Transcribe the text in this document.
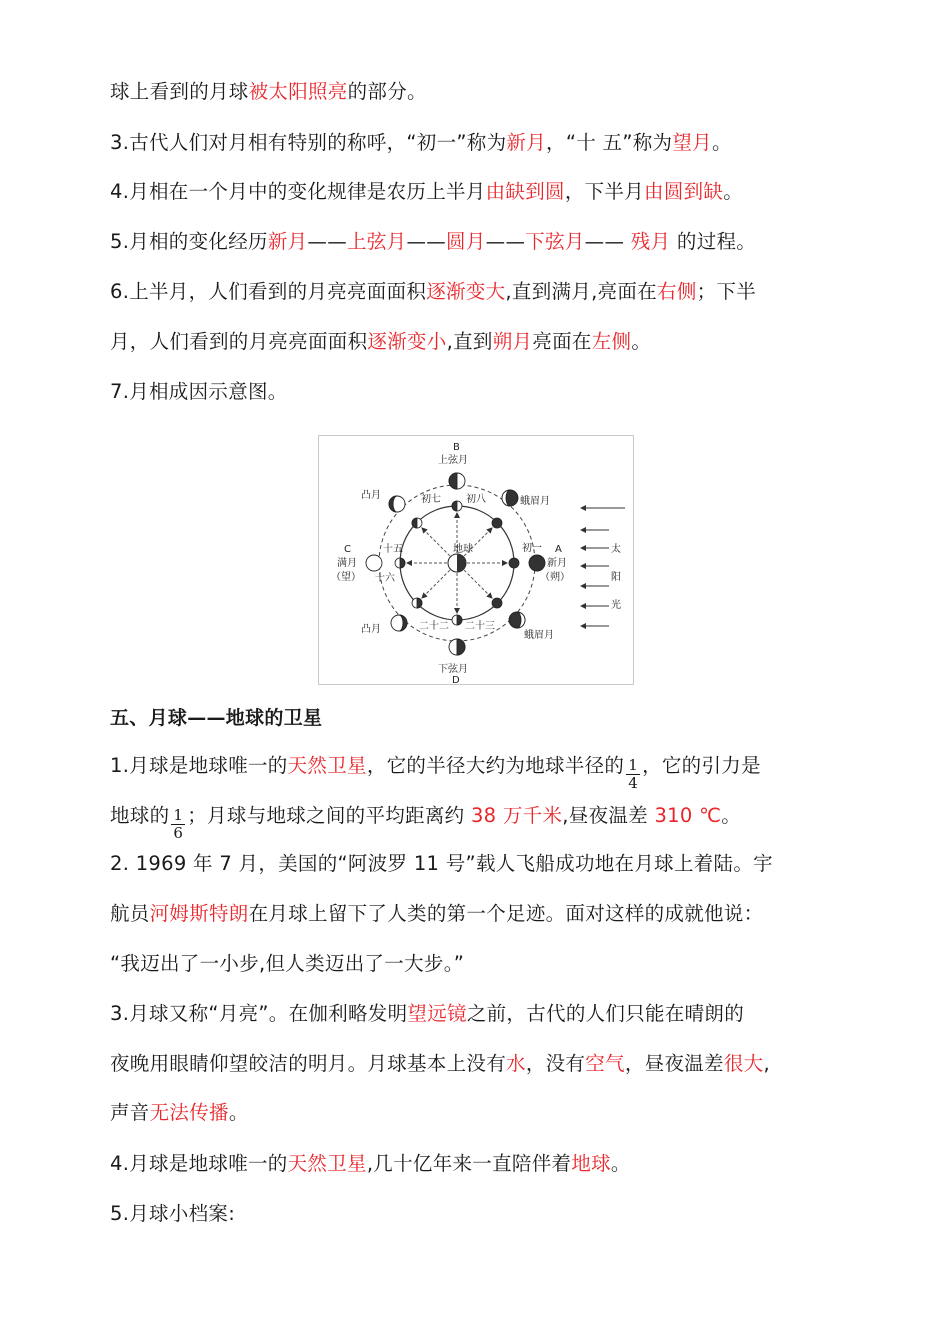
球上看到的月球被太阳照亮的部分。
3.古代人们对月相有特别的称呼，“初一”称为新月，“十 五”称为望月。
4.月相在一个月中的变化规律是农历上半月由缺到圆，下半月由圆到缺。
5.月相的变化经历新月——上弦月——圆月——下弦月—— 残月 的过程。
6.上半月，人们看到的月亮亮面面积逐渐变大,直到满月,亮面在右侧；下半
月，人们看到的月亮亮面面积逐渐变小,直到朔月亮面在左侧。
7.月相成因示意图。
B
上弦月
D
下弦月
A
新月
（朔）
C
满月
（望）
凸月
凸月
蛾眉月
蛾眉月
初七	初八
初一
十五
十六
二十二 二十三
地球	太
阳
光
五、月球——地球的卫星
1.月球是地球唯一的天然卫星，它的半径大约为地球半径的 $\frac{1}{4}$ ，它的引力是
地球的 $\frac{1}{6}$ ；月球与地球之间的平均距离约 38 万千米,昼夜温差 310 ℃。
2. 1969 年 7 月，美国的“阿波罗 11 号”载人飞船成功地在月球上着陆。宇
航员河姆斯特朗在月球上留下了人类的第一个足迹。面对这样的成就他说：
“我迈出了一小步,但人类迈出了一大步。”
3.月球又称“月亮”。在伽利略发明望远镜之前，古代的人们只能在晴朗的
夜晚用眼睛仰望皎洁的明月。月球基本上没有水，没有空气，昼夜温差很大,
声音无法传播。
4.月球是地球唯一的天然卫星,几十亿年来一直陪伴着地球。
5.月球小档案:
